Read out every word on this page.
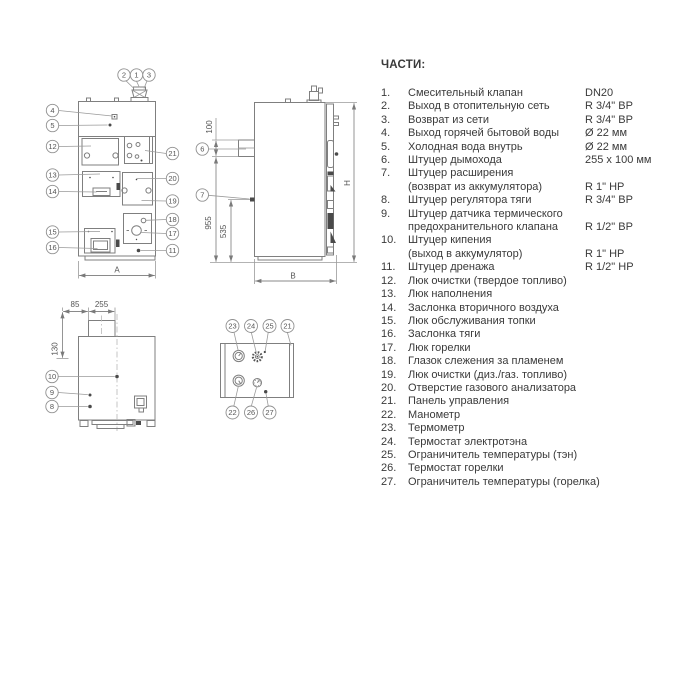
A
2 1 3
4
5
12
13
14
15
16
21
20
19
18
17
11
100
955
535
H
B
6
7
85 255
130
10
9
8
23 24 25 21
22 26 27
ЧАСТИ:
1.	Смесительный клапан	DN20
2.	Выход в отопительную сеть	R 3/4" ВР
3.	Возврат из сети	R 3/4" ВР
4.	Выход горячей бытовой воды	Ø 22 мм
5.	Холодная вода внутрь	Ø 22 мм
6.	Штуцер дымохода	255 x 100 мм
7.	Штуцер расширения
(возврат из аккумулятора)	R 1" НР
8.	Штуцер регулятора тяги	R 3/4" ВР
9.	Штуцер датчика термического
предохранительного клапана	R 1/2" ВР
10.	Штуцер кипения
(выход в аккумулятор)	R 1" НР
11.	Штуцер дренажа	R 1/2" НР
12.	Люк очистки (твердое топливо)
13.	Люк наполнения
14.	Заслонка вторичного воздуха
15.	Люк обслуживания топки
16.	Заслонка тяги
17.	Люк горелки
18.	Глазок слежения за пламенем
19.	Люк очистки (диз./газ. топливо)
20.	Отверстие газового анализатора
21.	Панель управления
22.	Манометр
23.	Термометр
24.	Термостат электротэна
25.	Ограничитель температуры (тэн)
26.	Термостат горелки
27.	Ограничитель температуры (горелка)
